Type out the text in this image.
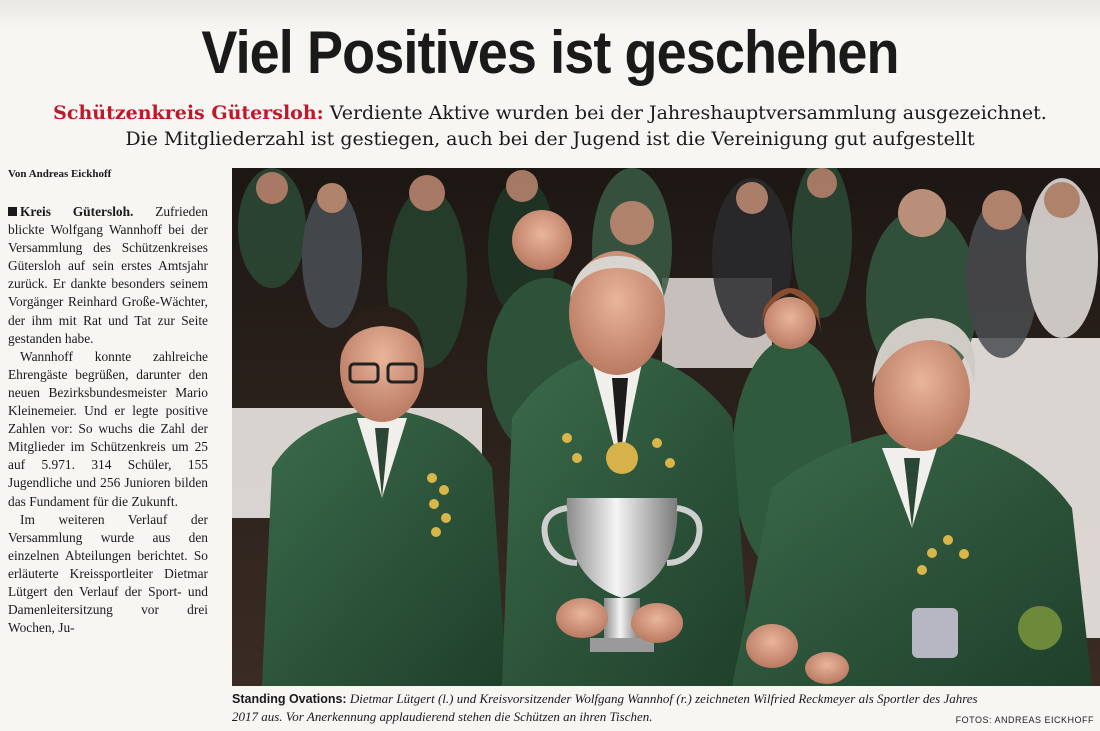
Viel Positives ist geschehen
Schützenkreis Gütersloh: Verdiente Aktive wurden bei der Jahreshauptversammlung ausgezeichnet.
Die Mitgliederzahl ist gestiegen, auch bei der Jugend ist die Vereinigung gut aufgestellt
Von Andreas Eickhoff

Kreis Gütersloh. Zufrieden blickte Wolfgang Wannhoff bei der Versammlung des Schützenkreises Gütersloh auf sein erstes Amtsjahr zurück. Er dankte besonders seinem Vorgänger Reinhard Große-Wächter, der ihm mit Rat und Tat zur Seite gestanden habe.

Wannhoff konnte zahlreiche Ehrengäste begrüßen, darunter den neuen Bezirksbundesmeister Mario Kleinemeier. Und er legte positive Zahlen vor: So wuchs die Zahl der Mitglieder im Schützenkreis um 25 auf 5.971. 314 Schüler, 155 Jugendliche und 256 Junioren bilden das Fundament für die Zukunft.

Im weiteren Verlauf der Versammlung wurde aus den einzelnen Abteilungen berichtet. So erläuterte Kreissportleiter Dietmar Lütgert den Verlauf der Sport- und Damenleitersitzung vor drei Wochen, Ju-

Standing Ovations: Dietmar Lütgert (l.) und Kreisvorsitzender Wolfgang Wannhof (r.) zeichneten Wilfried Reckmeyer als Sportler des Jahres
2017 aus. Vor Anerkennung applaudierend stehen die Schützen an ihren Tischen.	FOTOS: ANDREAS EICKHOFF
